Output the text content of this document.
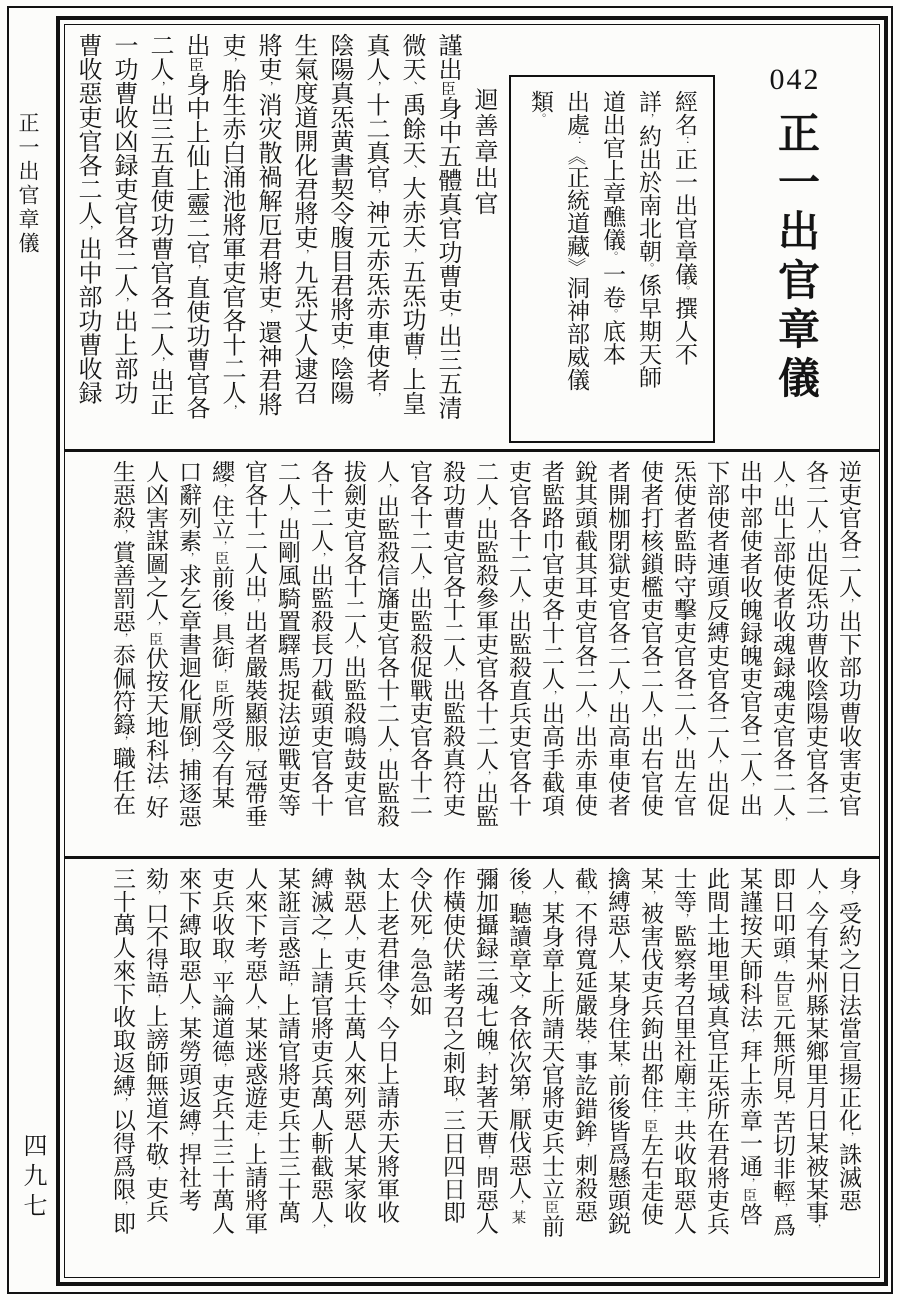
正一出官章儀
四九七
042
正一出官章儀
經名：正一出官章儀。撰人不
詳，約出於南北朝。係早期天師
道出官上章醮儀。一卷。底本
出處：《正統道藏》洞神部威儀
類。
迴善章出官
謹出臣身中五體真官功曹吏，出三五清
微天、禹餘天、大赤天，五炁功曹，上皇
真人，十二真官，神元赤炁赤車使者，
陰陽真炁黄書契令腹目君將吏，陰陽
生氣度道開化君將吏，九炁丈人逮召
將吏，消灾散禍解厄君將吏，還神君將
吏，胎生赤白涌池將軍吏官各十二人，
出臣身中上仙上靈二官，直使功曹官各
二人，出三五直使功曹官各二人，出正
一功曹收凶録吏官各二人，出上部功
曹收惡吏官各二人，出中部功曹收録
逆吏官各二人，出下部功曹收害吏官
各二人，出促炁功曹收陰陽吏官各二
人，出上部使者收魂録魂吏官各二人，
出中部使者收魄録魄吏官各二人，出
下部使者連頭反縛吏官各二人，出促
炁使者監時守擊吏官各二人，出左官
使者打核鎖檻吏官各二人，出右官使
者開枷閉獄吏官各二人，出高車使者
銳其頭截其耳吏官各二人，出赤車使
者監路巾官吏各十二人，出高手截項
吏官各十二人，出監殺直兵吏官各十
二人，出監殺參軍吏官各十二人，出監
殺功曹吏官各十二人，出監殺真符吏
官各十二人，出監殺促戰吏官各十二
人，出監殺信旛吏官各十二人，出監殺
拔劍吏官各十二人，出監殺鳴鼓吏官
各十二人，出監殺長刀截頭吏官各十
二人，出剛風騎置驛馬捉法逆戰吏等
官各十二人出，出者嚴裝顯服，冠帶垂
纓，住立，臣前後，具衘，臣所受今有某
口辭列素，求乞章書迴化厭倒，捕逐惡
人凶害謀圖之人，臣伏按天地科法，好
生惡殺，賞善罰惡，忝佩符籙，職任在
身，受約之日法當宣揚正化，誅滅惡
人，今有某州縣某鄉里月日某被某事，
即日叩頭，告臣元無所見，苦切非輕，爲
某謹按天師科法，拜上赤章一通，臣啓
此間土地里域真官正炁所在君將吏兵
士等，監察考召里社廟主，共收取惡人
某，被害伐吏兵鉤出都住，臣左右走使
擒縛惡人，某身住某，前後皆爲懸頭鋭
截，不得寬延嚴裝，事訖錯鉾，刺殺惡
人，某身章上所請天官將吏兵士立臣前
後，聽讀章文，各依次第，厭伐惡人，某
彌加攝録三魂七魄，封著天曹，問惡人
作橫使伏諾考召之刺取，三日四日即
令伏死，急急如
太上老君律令，今日上請赤天將軍收
執惡人，吏兵士萬人來列惡人某家收
縛滅之，上請官將吏兵萬人斬截惡人，
某誑言惑語，上請官將吏兵士三十萬
人來下考惡人，某迷惑遊走，上請將軍
吏兵收取，平論道德，吏兵士三十萬人
來下縛取惡人，某勞頭返縛，捍社考
劾，口不得語，上謗師無道不敬，吏兵
三十萬人來下收取返縛，以得爲限，即
